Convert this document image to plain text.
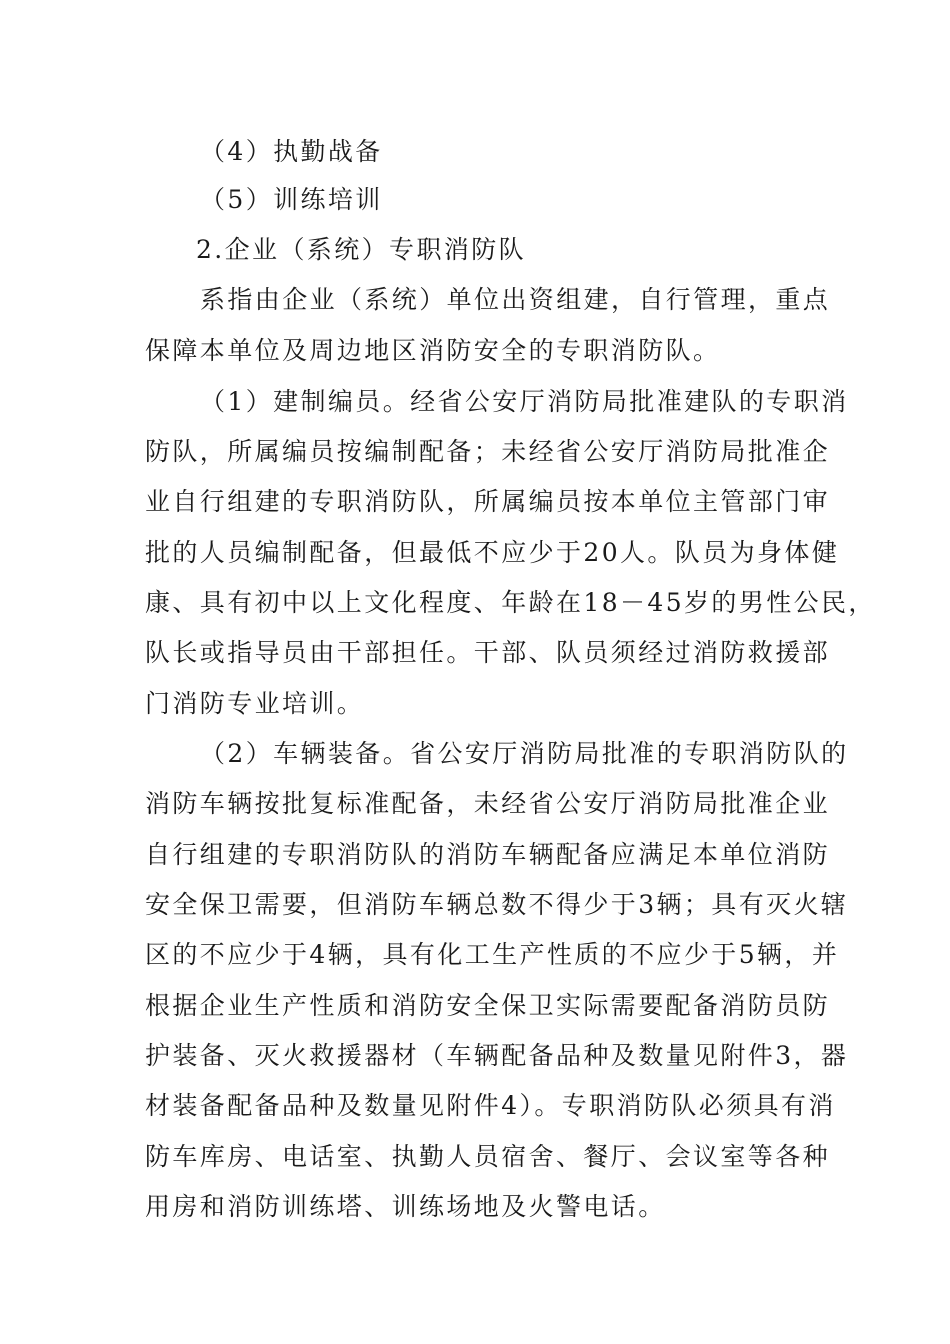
（4）执勤战备
（5）训练培训
2.企业（系统）专职消防队
系指由企业（系统）单位出资组建，自行管理，重点
保障本单位及周边地区消防安全的专职消防队。
（1）建制编员。经省公安厅消防局批准建队的专职消
防队，所属编员按编制配备；未经省公安厅消防局批准企
业自行组建的专职消防队，所属编员按本单位主管部门审
批的人员编制配备，但最低不应少于20人。队员为身体健
康、具有初中以上文化程度、年龄在18－45岁的男性公民，
队长或指导员由干部担任。干部、队员须经过消防救援部
门消防专业培训。
（2）车辆装备。省公安厅消防局批准的专职消防队的
消防车辆按批复标准配备，未经省公安厅消防局批准企业
自行组建的专职消防队的消防车辆配备应满足本单位消防
安全保卫需要，但消防车辆总数不得少于3辆；具有灭火辖
区的不应少于4辆，具有化工生产性质的不应少于5辆，并
根据企业生产性质和消防安全保卫实际需要配备消防员防
护装备、灭火救援器材（车辆配备品种及数量见附件3，器
材装备配备品种及数量见附件4）。专职消防队必须具有消
防车库房、电话室、执勤人员宿舍、餐厅、会议室等各种
用房和消防训练塔、训练场地及火警电话。
